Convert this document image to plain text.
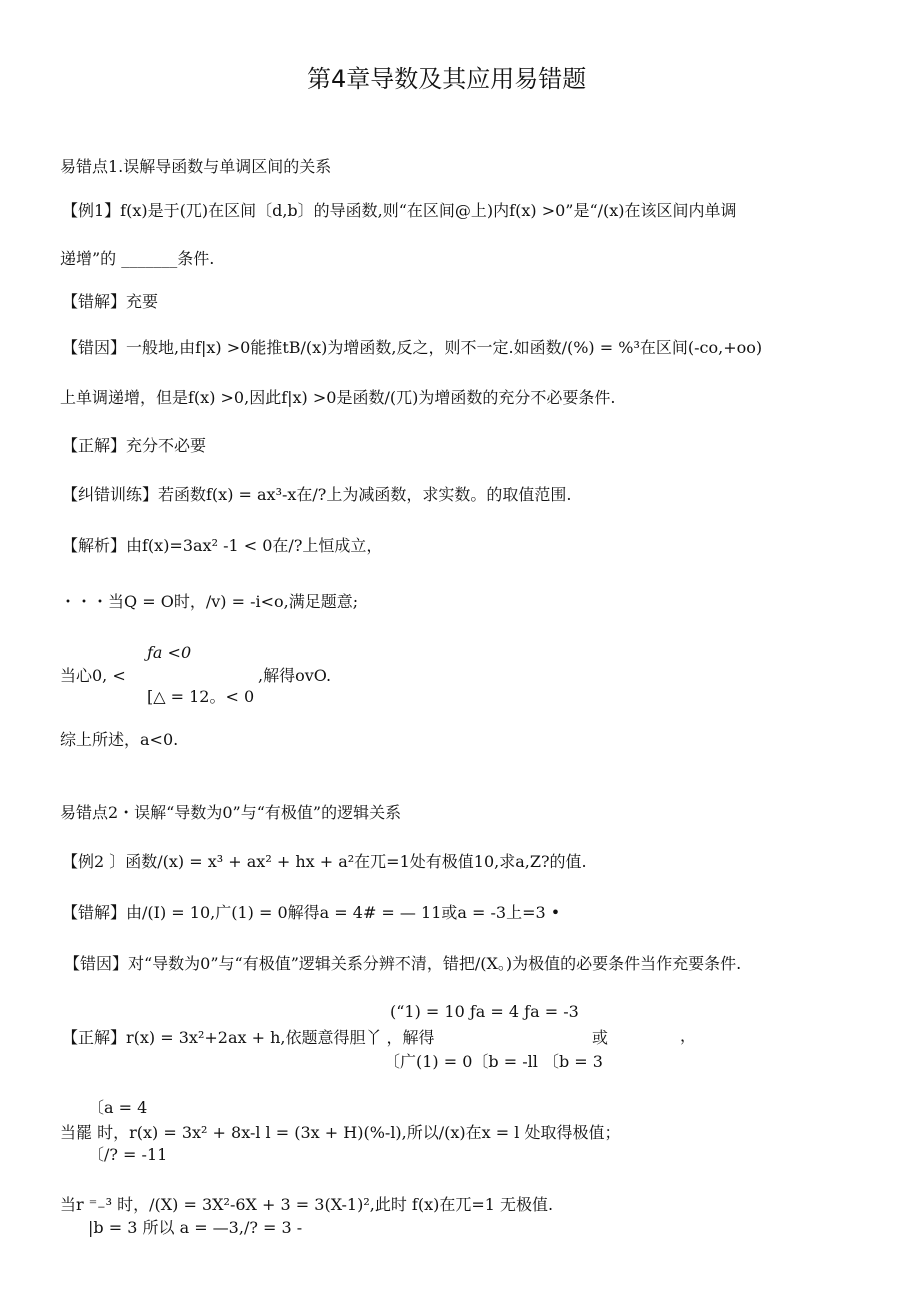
第4章导数及其应用易错题
易错点1.误解导函数与单调区间的关系
【例1】f(x)是于(兀)在区间〔d,b〕的导函数,则“在区间@上)内f(x) >0”是“/(x)在该区间内单调
递增”的 _______条件.
【错解】充要
【错因】一般地,由f|x) >0能推tB/(x)为增函数,反之，则不一定.如函数/(%) = %³在区间(-co,+oo)
上单调递增，但是f(x) >0,因此f|x) >0是函数/(兀)为增函数的充分不必要条件.
【正解】充分不必要
【纠错训练】若函数f(x) = ax³-x在/?上为减函数，求实数。的取值范围.
【解析】由f(x)=3ax² -1 < 0在/?上恒成立，
・・・当Q = O时，/v) = -i<o,满足题意;
ƒa <0
当心0, <	,解得ovO.
[△ = 12。< 0
综上所述，a<0.
易错点2・误解“导数为0”与“有极值”的逻辑关系
【例2 〕函数/(x) = x³ + ax² + hx + a²在兀=1处有极值10,求a,Z?的值.
【错解】由/(I) = 10,广(1) = 0解得a = 4# = — 11或a = -3上=3 •
【错因】对“导数为0”与“有极值”逻辑关系分辨不清，错把/(X。)为极值的必要条件当作充要条件.
(“1) = 10 ƒa = 4 ƒa = -3
【正解】r(x) = 3x²+2ax + h,依题意得胆丫 ，解得	或	，
〔广(1) = 0〔b = -ll 〔b = 3
〔a = 4
当罷 时，r(x) = 3x² + 8x-l l = (3x + H)(%-l),所以/(x)在x = l 处取得极值；
〔/? = -11
当r ⁼₋³ 时，/(X) = 3X²-6X + 3 = 3(X-1)²,此时 f(x)在兀=1 无极值.
|b = 3 所以 a = —3,/? = 3 -
